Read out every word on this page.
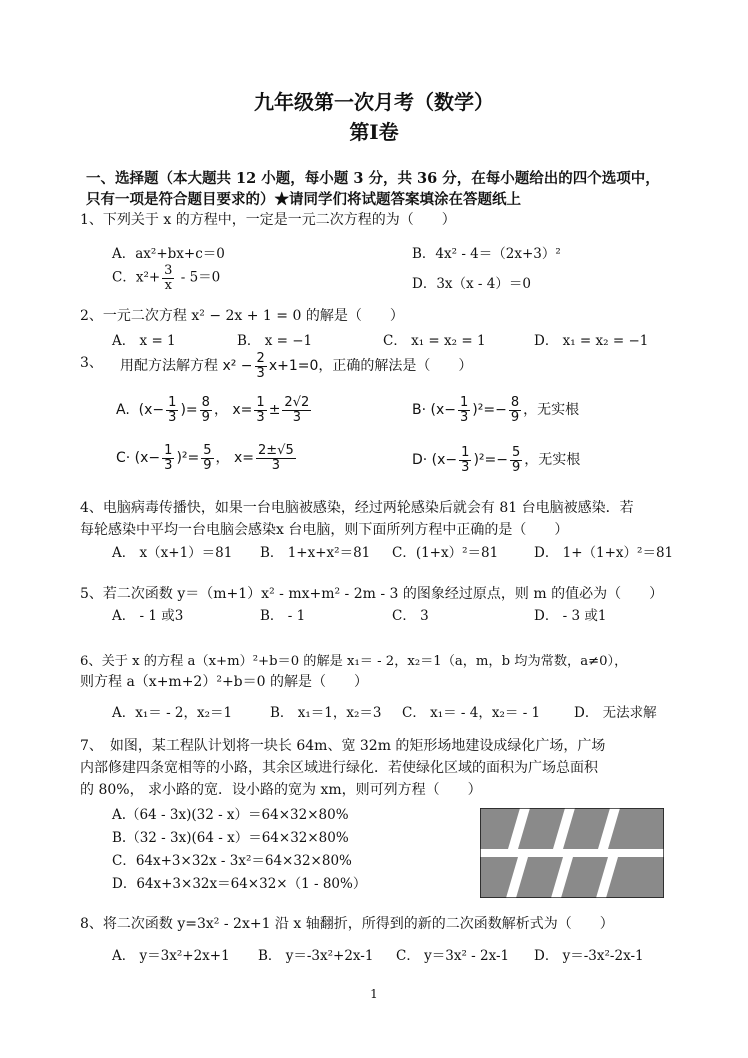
九年级第一次月考（数学）
第Ⅰ卷
一、选择题（本大题共 12 小题，每小题 3 分，共 36 分，在每小题给出的四个选项中，
只有一项是符合题目要求的）★请同学们将试题答案填涂在答题纸上
1、下列关于 x 的方程中，一定是一元二次方程的为（　　）
A．ax²+bx+c＝0	B．4x² - 4＝（2x+3）²
C．$x^2+ \frac{3}{x} - 5=0$	D．3x（x - 4）＝0
2、一元二次方程 x² − 2x + 1 = 0 的解是（　　）
A． x = 1	B． x = −1	C． x₁ = x₂ = 1	D． x₁ = x₂ = −1
3、 用配方法解方程 $x^2 - \frac{2}{3} x+1=0$，正确的解法是（　　）
A.  ($x- \frac{1}{3}$ )= $\frac{8}{9}$ ， $x= \frac{1}{3} \pm \frac{2√2}{3}$	$B\cdot (x- \frac{1}{3} )^2=- \frac{8}{9}$ ，无实根
$C\cdot (x- \frac{1}{3} )^2= \frac{5}{9}$ ， $x= \frac{2\pm√5}{3}$	$D\cdot (x- \frac{1}{3} )^2=- \frac{5}{9}$ ，无实根
4、电脑病毒传播快，如果一台电脑被感染，经过两轮感染后就会有 81 台电脑被感染．若
每轮感染中平均一台电脑会感染x 台电脑，则下面所列方程中正确的是（　　）
A． x（x+1）＝81 B． 1+x+x²＝81 C．(1+x）²＝81	D． 1+（1+x）²＝81
5、若二次函数 y＝（m+1）x² - mx+m² - 2m - 3 的图象经过原点，则 m 的值必为（　　）
A． - 1 或3	B． - 1	C． 3	D． - 3 或1
6、关于 x 的方程 a（x+m）²+b＝0 的解是 x₁＝ - 2，x₂＝1（a，m，b 均为常数，a≠0），
则方程 a（x+m+2）²+b＝0 的解是（　　）
A．x₁＝ - 2，x₂＝1	B． x₁＝1，x₂＝3 C． x₁＝ - 4，x₂＝ - 1	D． 无法求解
7、　如图，某工程队计划将一块长 64m、宽 32m 的矩形场地建设成绿化广场，广场
内部修建四条宽相等的小路，其余区域进行绿化．若使绿化区域的面积为广场总面积
的 80%， 求小路的宽．设小路的宽为 xm，则可列方程（　　）
A.（64 - 3x)(32 - x）＝64×32×80%
B.（32 - 3x)(64 - x）＝64×32×80%
C．64x+3×32x - 3x²＝64×32×80%
D．64x+3×32x＝64×32×（1 - 80%）
8、将二次函数 y=3x² - 2x+1 沿 x 轴翻折，所得到的新的二次函数解析式为（　　）
A． y＝3x²+2x+1 B． y＝-3x²+2x-1 C． y＝3x² - 2x-1 D． y＝-3x²-2x-1
1
